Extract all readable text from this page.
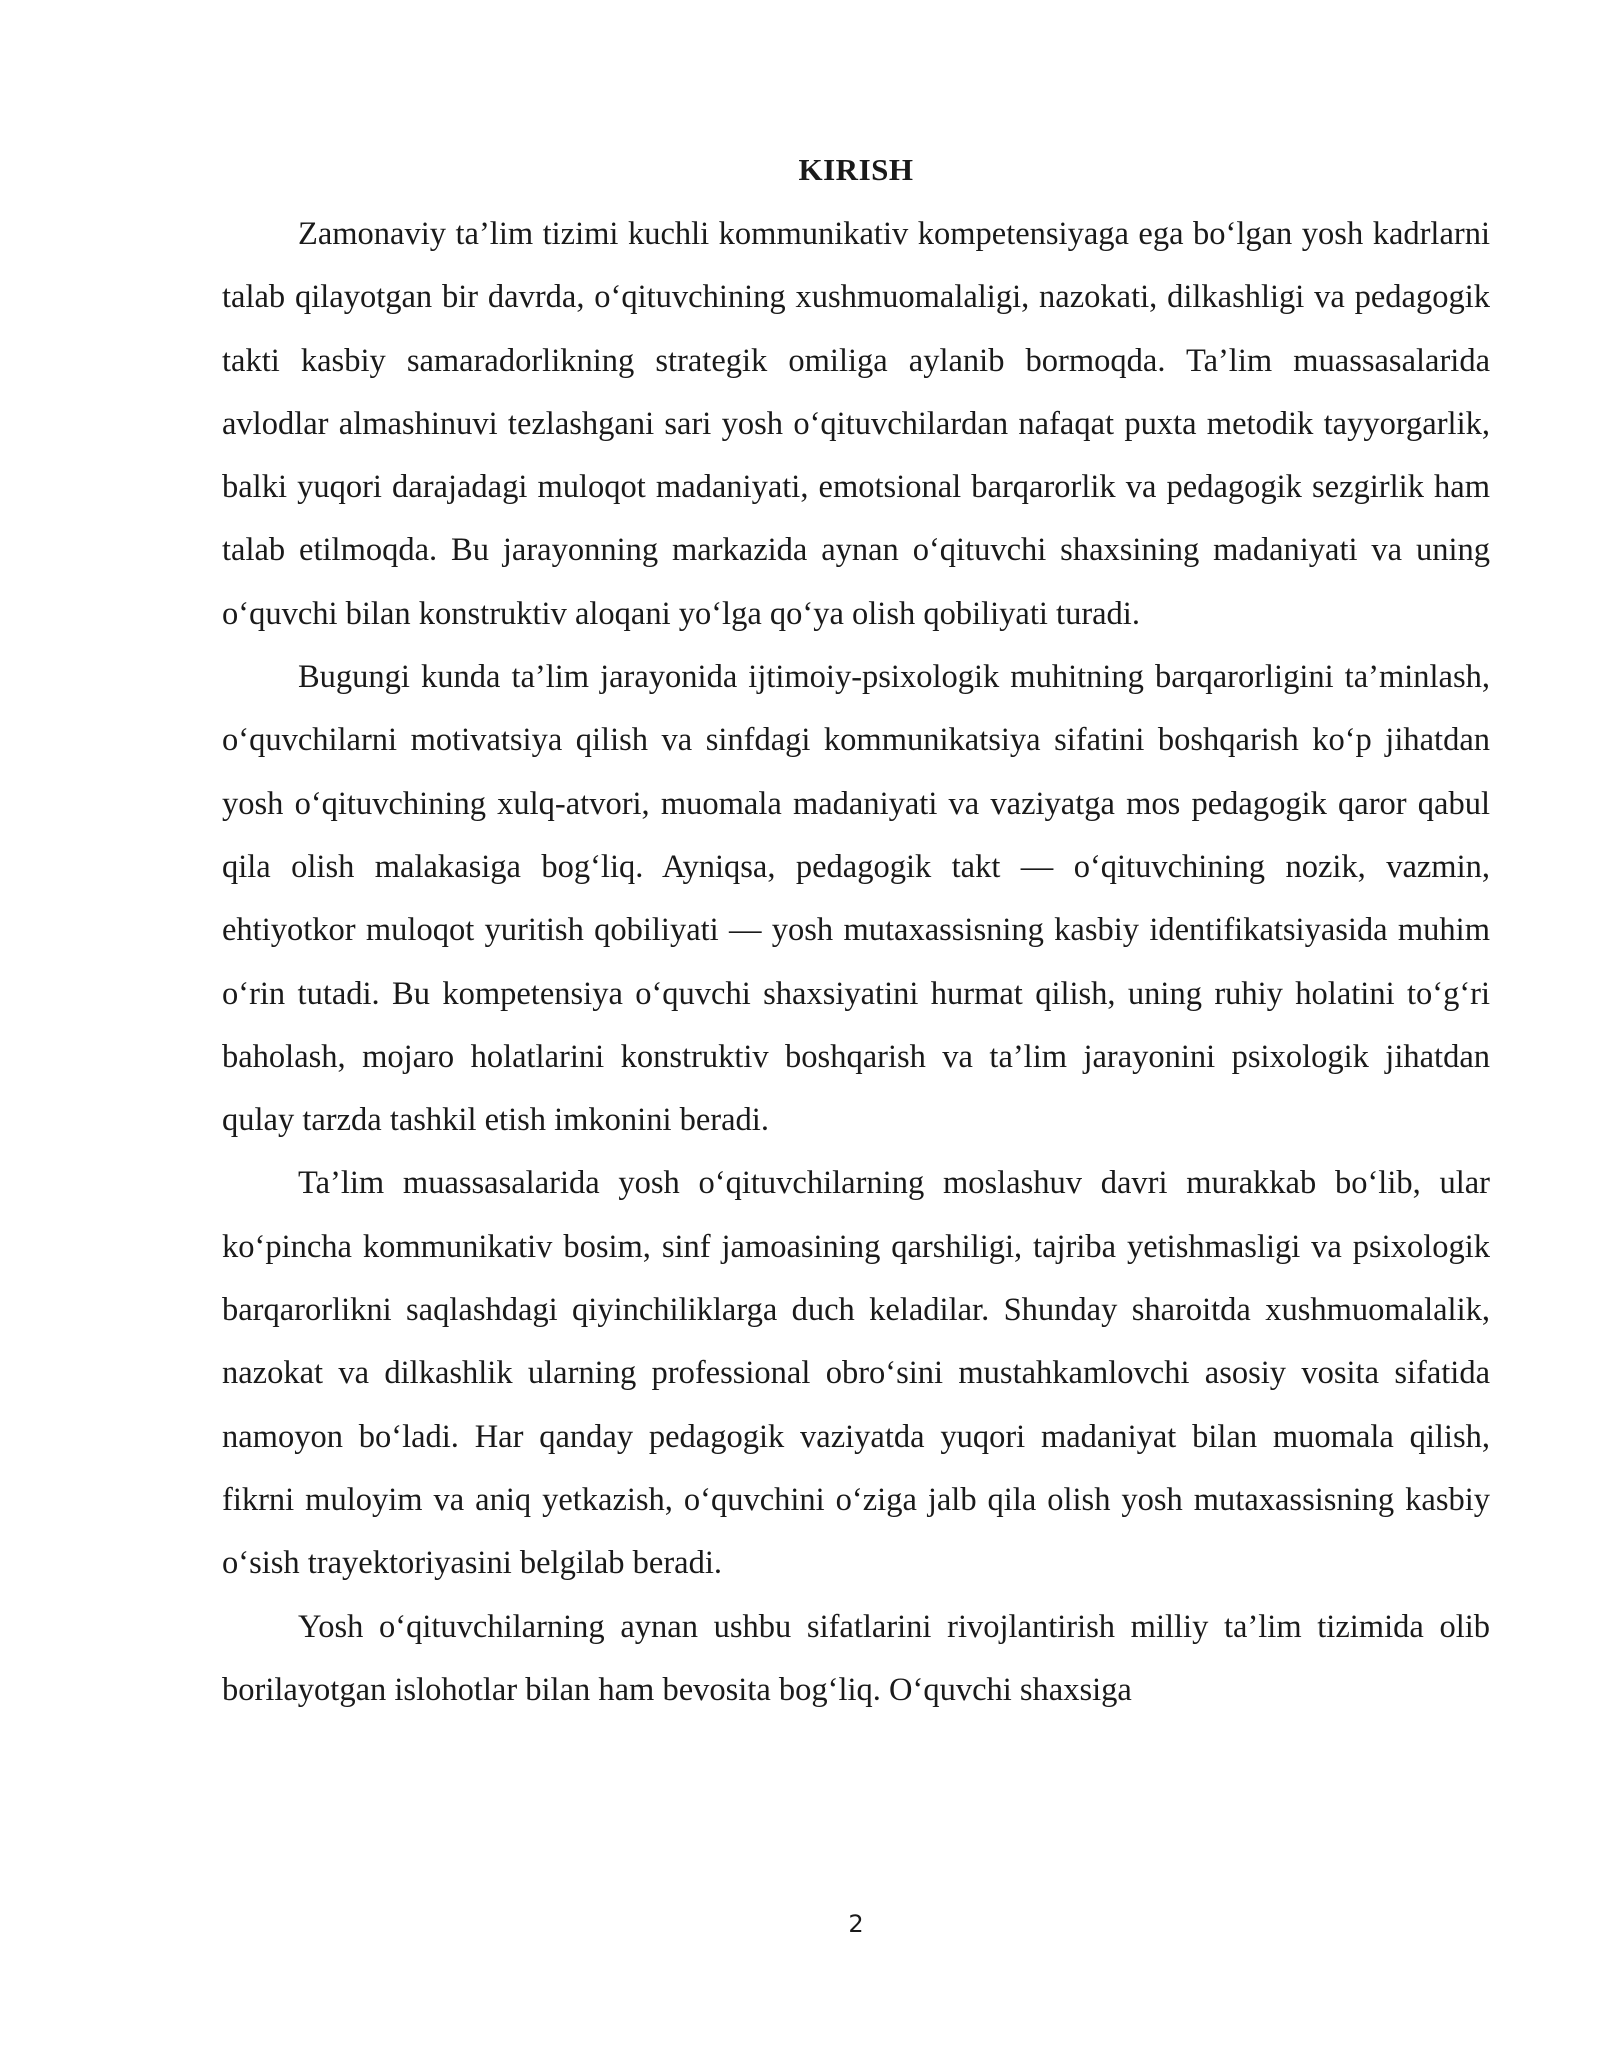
KIRISH

Zamonaviy ta’lim tizimi kuchli kommunikativ kompetensiyaga ega bo‘lgan yosh kadrlarni talab qilayotgan bir davrda, o‘qituvchining xushmuomalaligi, nazokati, dilkashligi va pedagogik takti kasbiy samaradorlikning strategik omiliga aylanib bormoqda. Ta’lim muassasalarida avlodlar almashinuvi tezlashgani sari yosh o‘qituvchilardan nafaqat puxta metodik tayyorgarlik, balki yuqori darajadagi muloqot madaniyati, emotsional barqarorlik va pedagogik sezgirlik ham talab etilmoqda. Bu jarayonning markazida aynan o‘qituvchi shaxsining madaniyati va uning o‘quvchi bilan konstruktiv aloqani yo‘lga qo‘ya olish qobiliyati turadi.

Bugungi kunda ta’lim jarayonida ijtimoiy-psixologik muhitning barqarorligini ta’minlash, o‘quvchilarni motivatsiya qilish va sinfdagi kommunikatsiya sifatini boshqarish ko‘p jihatdan yosh o‘qituvchining xulq-atvori, muomala madaniyati va vaziyatga mos pedagogik qaror qabul qila olish malakasiga bog‘liq. Ayniqsa, pedagogik takt — o‘qituvchining nozik, vazmin, ehtiyotkor muloqot yuritish qobiliyati — yosh mutaxassisning kasbiy identifikatsiyasida muhim o‘rin tutadi. Bu kompetensiya o‘quvchi shaxsiyatini hurmat qilish, uning ruhiy holatini to‘g‘ri baholash, mojaro holatlarini konstruktiv boshqarish va ta’lim jarayonini psixologik jihatdan qulay tarzda tashkil etish imkonini beradi.

Ta’lim muassasalarida yosh o‘qituvchilarning moslashuv davri murakkab bo‘lib, ular ko‘pincha kommunikativ bosim, sinf jamoasining qarshiligi, tajriba yetishmasligi va psixologik barqarorlikni saqlashdagi qiyinchiliklarga duch keladilar. Shunday sharoitda xushmuomalalik, nazokat va dilkashlik ularning professional obro‘sini mustahkamlovchi asosiy vosita sifatida namoyon bo‘ladi. Har qanday pedagogik vaziyatda yuqori madaniyat bilan muomala qilish, fikrni muloyim va aniq yetkazish, o‘quvchini o‘ziga jalb qila olish yosh mutaxassisning kasbiy o‘sish trayektoriyasini belgilab beradi.

Yosh o‘qituvchilarning aynan ushbu sifatlarini rivojlantirish milliy ta’lim tizimida olib borilayotgan islohotlar bilan ham bevosita bog‘liq. O‘quvchi shaxsiga

2
